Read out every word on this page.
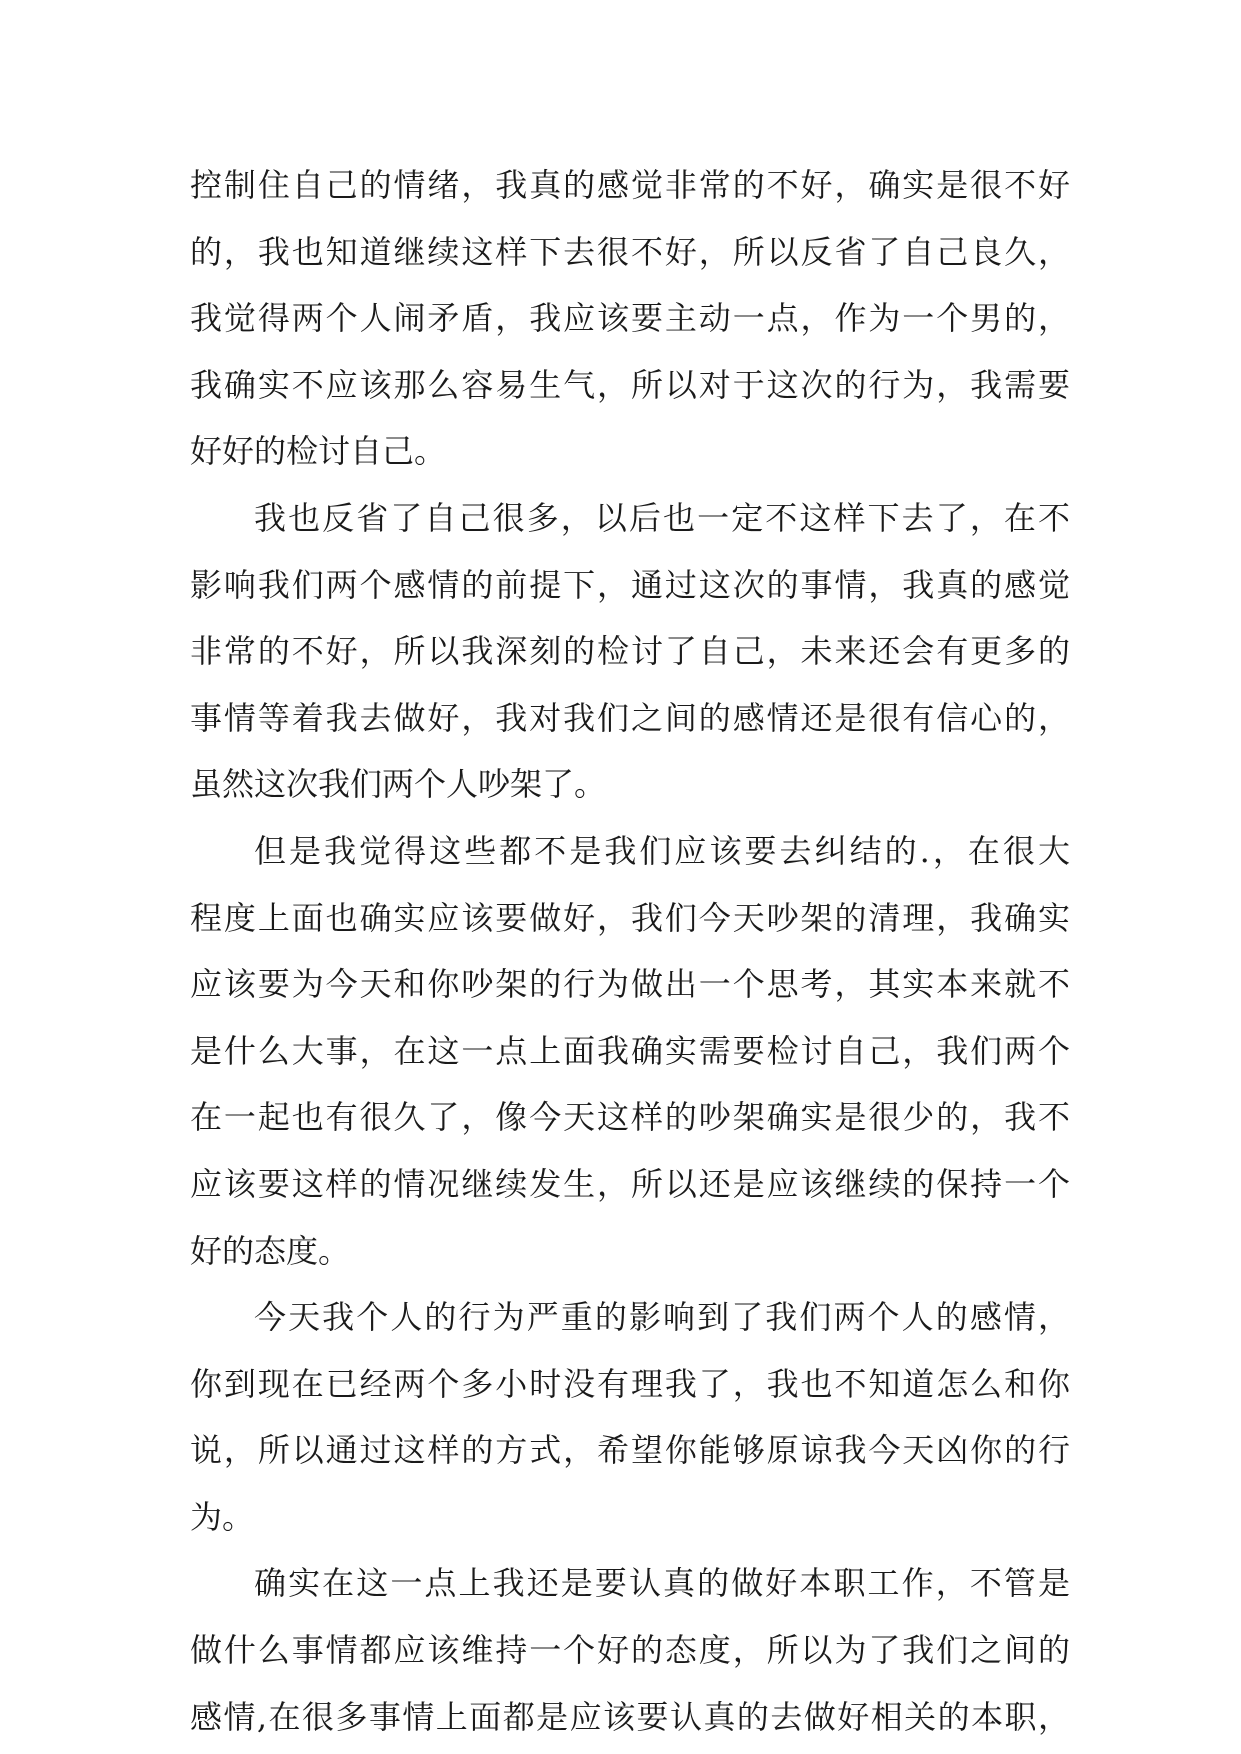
控制住自己的情绪，我真的感觉非常的不好，确实是很不好
的，我也知道继续这样下去很不好，所以反省了自己良久，
我觉得两个人闹矛盾，我应该要主动一点，作为一个男的，
我确实不应该那么容易生气，所以对于这次的行为，我需要
好好的检讨自己。
我也反省了自己很多，以后也一定不这样下去了，在不
影响我们两个感情的前提下，通过这次的事情，我真的感觉
非常的不好，所以我深刻的检讨了自己，未来还会有更多的
事情等着我去做好，我对我们之间的感情还是很有信心的，
虽然这次我们两个人吵架了。
但是我觉得这些都不是我们应该要去纠结的.，在很大
程度上面也确实应该要做好，我们今天吵架的清理，我确实
应该要为今天和你吵架的行为做出一个思考，其实本来就不
是什么大事，在这一点上面我确实需要检讨自己，我们两个
在一起也有很久了，像今天这样的吵架确实是很少的，我不
应该要这样的情况继续发生，所以还是应该继续的保持一个
好的态度。
今天我个人的行为严重的影响到了我们两个人的感情，
你到现在已经两个多小时没有理我了，我也不知道怎么和你
说，所以通过这样的方式，希望你能够原谅我今天凶你的行
为。
确实在这一点上我还是要认真的做好本职工作，不管是
做什么事情都应该维持一个好的态度，所以为了我们之间的
感情,在很多事情上面都是应该要认真的去做好相关的本职，
